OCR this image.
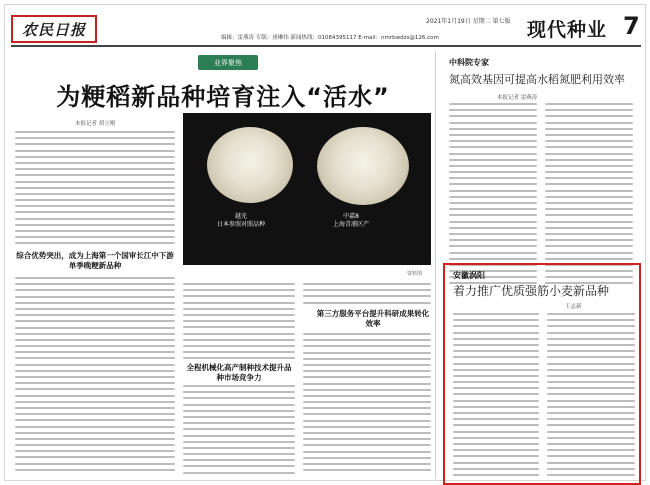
农民日报	2021年1月19日 星期二 第七版
编辑：雷燕涛 专版：唐琳伟 新闻热线：01084395117 E-mail：nmrbwdzs@126.com	现代种业 7
业界聚焦
为粳稻新品种培育注入“活水”
本报记者 胡立刚
越光
日本参照对照品种
中嘉8
上海青浦区产
资料图
综合优势突出，成为上海第一个国审长江中下游单季晚粳新品种
全程机械化高产制种技术提升品种市场竞争力
第三方服务平台提升科研成果转化效率
中科院专家
氮高效基因可提高水稻氮肥利用效率
本报记者 雷燕涛
安徽涡阳
着力推广优质强筋小麦新品种
王志新
